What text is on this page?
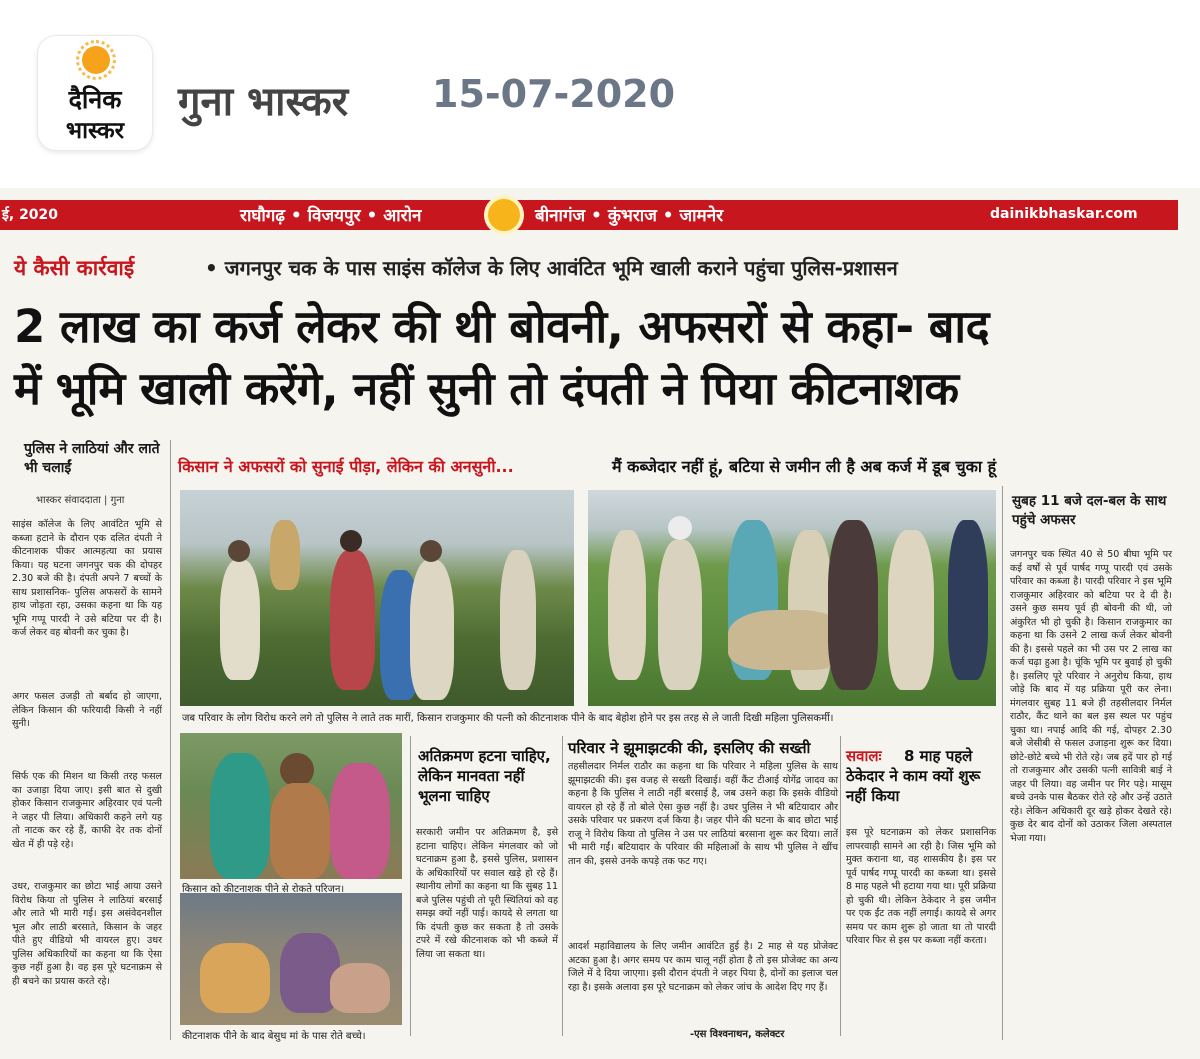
दैनिक
भास्कर
गुना भास्कर 15-07-2020
ई, 2020	राघौगढ़ • विजयपुर • आरोन	बीनागंज • कुंभराज • जामनेर	dainikbhaskar.com
ये कैसी कार्रवाई	• जगनपुर चक के पास साइंस कॉलेज के लिए आवंटित भूमि खाली कराने पहुंचा पुलिस-प्रशासन
2 लाख का कर्ज लेकर की थी बोवनी, अफसरों से कहा- बाद
में भूमि खाली करेंगे, नहीं सुनी तो दंपती ने पिया कीटनाशक
पुलिस ने लाठियां और लाते भी चलाईं
भास्कर संवाददाता | गुना
साइंस कॉलेज के लिए आवंटित भूमि से कब्जा हटाने के दौरान एक दलित दंपती ने कीटनाशक पीकर आत्महत्या का प्रयास किया। यह घटना जगनपुर चक की दोपहर 2.30 बजे की है। दंपती अपने 7 बच्चों के साथ प्रशासनिक- पुलिस अफसरों के सामने हाथ जोड़ता रहा, उसका कहना था कि यह भूमि गप्पू पारदी ने उसे बटिया पर दी है। कर्ज लेकर वह बोवनी कर चुका है।
अगर फसल उजड़ी तो बर्बाद हो जाएगा, लेकिन किसान की फरियादी किसी ने नहीं सुनी।
सिर्फ एक की मिशन था किसी तरह फसल का उजाड़ा दिया जाए। इसी बात से दुखी होकर किसान राजकुमार अहिरवार एवं पत्नी ने जहर पी लिया। अधिकारी कहने लगे यह तो नाटक कर रहे हैं, काफी देर तक दोनों खेत में ही पड़े रहे।
उधर, राजकुमार का छोटा भाई आया उसने विरोध किया तो पुलिस ने लाठियां बरसाईं और लाते भी मारी गई। इस असंवेदनशील भूल और लाठी बरसाते, किसान के जहर पीते हुए वीडियो भी वायरल हुए। उधर पुलिस अधिकारियों का कहना था कि ऐसा कुछ नहीं हुआ है। वह इस पूरे घटनाक्रम से ही बचने का प्रयास करते रहे।
किसान ने अफसरों को सुनाई पीड़ा, लेकिन की अनसुनी...	मैं कब्जेदार नहीं हूं, बटिया से जमीन ली है अब कर्ज में डूब चुका हूं
जब परिवार के लोग विरोध करने लगे तो पुलिस ने लाते तक मारीं, किसान राजकुमार की पत्नी को कीटनाशक पीने के बाद बेहोश होने पर इस तरह से ले जाती दिखी महिला पुलिसकर्मी।
किसान को कीटनाशक पीने से रोकते परिजन।
कीटनाशक पीने के बाद बेसुध मां के पास रोते बच्चे।
सुबह 11 बजे दल-बल के साथ पहुंचे अफसर
जगनपुर चक स्थित 40 से 50 बीघा भूमि पर कई वर्षों से पूर्व पार्षद गप्पू पारदी एवं उसके परिवार का कब्जा है। पारदी परिवार ने इस भूमि राजकुमार अहिरवार को बटिया पर दे दी है। उसने कुछ समय पूर्व ही बोवनी की थी, जो अंकुरित भी हो चुकी है। किसान राजकुमार का कहना था कि उसने 2 लाख कर्ज लेकर बोवनी की है। इससे पहले का भी उस पर 2 लाख का कर्ज चढ़ा हुआ है। चूंकि भूमि पर बुवाई हो चुकी है। इसलिए पूरे परिवार ने अनुरोध किया, हाथ जोड़े कि बाद में यह प्रक्रिया पूरी कर लेना। मंगलवार सुबह 11 बजे ही तहसीलदार निर्मल राठौर, कैंट थाने का बल इस स्थल पर पहुंच चुका था। नपाई आदि की गई, दोपहर 2.30 बजे जेसीबी से फसल उजाड़ना शुरू कर दिया। छोटे-छोटे बच्चे भी रोते रहे। जब हदें पार हो गई तो राजकुमार और उसकी पत्नी सावित्री बाई ने जहर पी लिया। वह जमीन पर गिर पड़े। मासूम बच्चे उनके पास बैठकर रोते रहे और उन्हें उठाते रहे। लेकिन अधिकारी दूर खड़े होकर देखते रहे। कुछ देर बाद दोनों को उठाकर जिला अस्पताल भेजा गया।
अतिक्रमण हटना चाहिए, लेकिन मानवता नहीं भूलना चाहिए
सरकारी जमीन पर अतिक्रमण है, इसे हटाना चाहिए। लेकिन मंगलवार को जो घटनाक्रम हुआ है, इससे पुलिस, प्रशासन के अधिकारियों पर सवाल खड़े हो रहे हैं। स्थानीय लोगों का कहना था कि सुबह 11 बजे पुलिस पहुंची तो पूरी स्थितियां को वह समझ क्यों नहीं पाई। कायदे से लगता था कि दंपती कुछ कर सकता है तो उसके टपरे में रखे कीटनाशक को भी कब्जे में लिया जा सकता था।
परिवार ने झूमाझटकी की, इसलिए की सख्ती
तहसीलदार निर्मल राठौर का कहना था कि परिवार ने महिला पुलिस के साथ झूमाझटकी की। इस वजह से सख्ती दिखाई। वहीं कैंट टीआई योगेंद्र जादव का कहना है कि पुलिस ने लाठी नहीं बरसाई है, जब उसने कहा कि इसके वीडियो वायरल हो रहे हैं तो बोले ऐसा कुछ नहीं है। उधर पुलिस ने भी बटियादार और उसके परिवार पर प्रकरण दर्ज किया है। जहर पीने की घटना के बाद छोटा भाई राजू ने विरोध किया तो पुलिस ने उस पर लाठियां बरसाना शुरू कर दिया। लातें भी मारी गईं। बटियादार के परिवार की महिलाओं के साथ भी पुलिस ने खींच तान की, इससे उनके कपड़े तक फट गए।
आदर्श महाविद्यालय के लिए जमीन आवंटित हुई है। 2 माह से यह प्रोजेक्ट अटका हुआ है। अगर समय पर काम चालू नहीं होता है तो इस प्रोजेक्ट का अन्य जिले में दे दिया जाएगा। इसी दौरान दंपती ने जहर पिया है, दोनों का इलाज चल रहा है। इसके अलावा इस पूरे घटनाक्रम को लेकर जांच के आदेश दिए गए हैं।
-एस विश्वनाथन, कलेक्टर
सवालः	8 माह पहले ठेकेदार ने काम क्यों शुरू नहीं किया
इस पूरे घटनाक्रम को लेकर प्रशासनिक लापरवाही सामने आ रही है। जिस भूमि को मुक्त कराना था, वह शासकीय है। इस पर पूर्व पार्षद गप्पू पारदी का कब्जा था। इससे 8 माह पहले भी हटाया गया था। पूरी प्रक्रिया हो चुकी थी। लेकिन ठेकेदार ने इस जमीन पर एक ईंट तक नहीं लगाई। कायदे से अगर समय पर काम शुरू हो जाता था तो पारदी परिवार फिर से इस पर कब्जा नहीं करता।
